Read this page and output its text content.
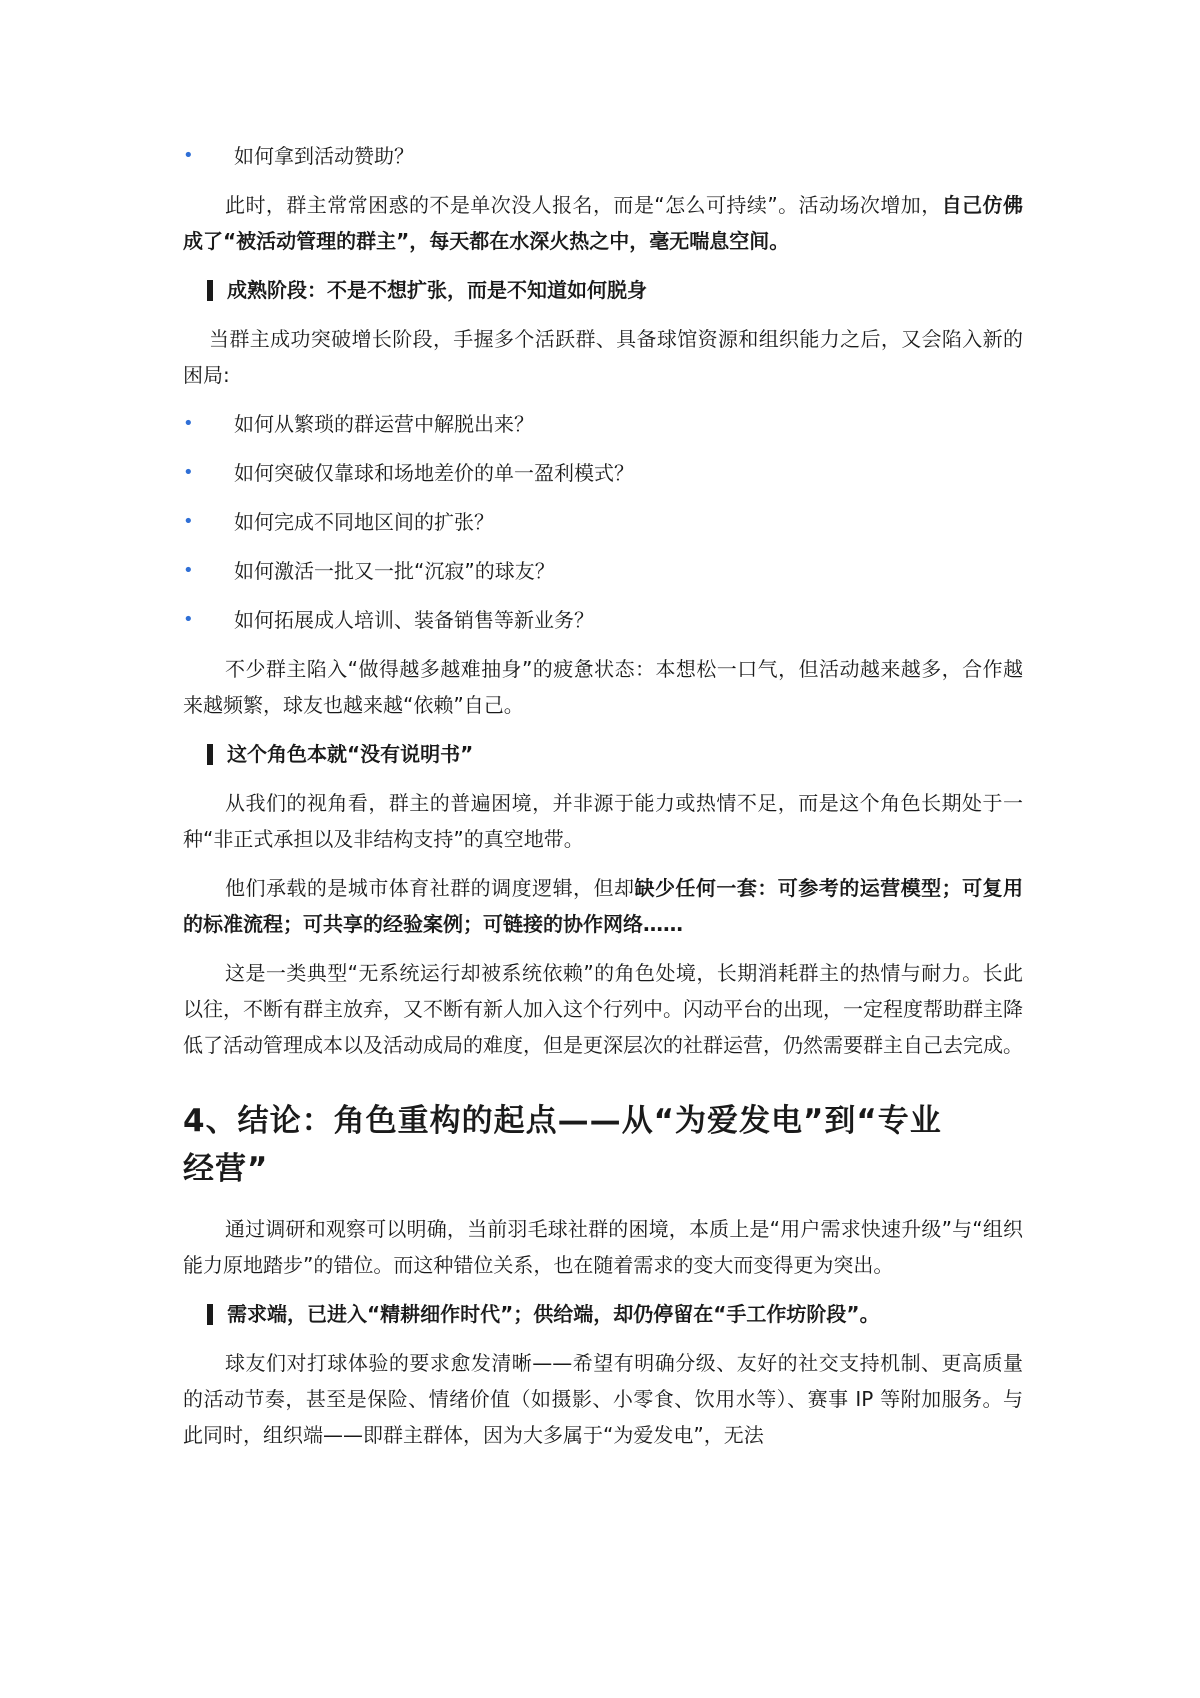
• 如何拿到活动赞助？

此时，群主常常困惑的不是单次没人报名，而是“怎么可持续”。活动场次增加，自己仿佛成了“被活动管理的群主”，每天都在水深火热之中，毫无喘息空间。

成熟阶段：不是不想扩张，而是不知道如何脱身

当群主成功突破增长阶段，手握多个活跃群、具备球馆资源和组织能力之后，又会陷入新的困局:

• 如何从繁琐的群运营中解脱出来？
• 如何突破仅靠球和场地差价的单一盈利模式？
• 如何完成不同地区间的扩张？
• 如何激活一批又一批“沉寂”的球友？
• 如何拓展成人培训、装备销售等新业务？

不少群主陷入“做得越多越难抽身”的疲惫状态：本想松一口气，但活动越来越多，合作越来越频繁，球友也越来越“依赖”自己。

这个角色本就“没有说明书”

从我们的视角看，群主的普遍困境，并非源于能力或热情不足，而是这个角色长期处于一种“非正式承担以及非结构支持”的真空地带。

他们承载的是城市体育社群的调度逻辑，但却缺少任何一套：可参考的运营模型；可复用的标准流程；可共享的经验案例；可链接的协作网络……

这是一类典型“无系统运行却被系统依赖”的角色处境，长期消耗群主的热情与耐力。长此以往，不断有群主放弃，又不断有新人加入这个行列中。闪动平台的出现，一定程度帮助群主降低了活动管理成本以及活动成局的难度，但是更深层次的社群运营，仍然需要群主自己去完成。

4、结论：角色重构的起点——从“为爱发电”到“专业经营”

通过调研和观察可以明确，当前羽毛球社群的困境，本质上是“用户需求快速升级”与“组织能力原地踏步”的错位。而这种错位关系，也在随着需求的变大而变得更为突出。

需求端，已进入“精耕细作时代”；供给端，却仍停留在“手工作坊阶段”。

球友们对打球体验的要求愈发清晰——希望有明确分级、友好的社交支持机制、更高质量的活动节奏，甚至是保险、情绪价值（如摄影、小零食、饮用水等）、赛事 IP 等附加服务。与此同时，组织端——即群主群体，因为大多属于“为爱发电”，无法
